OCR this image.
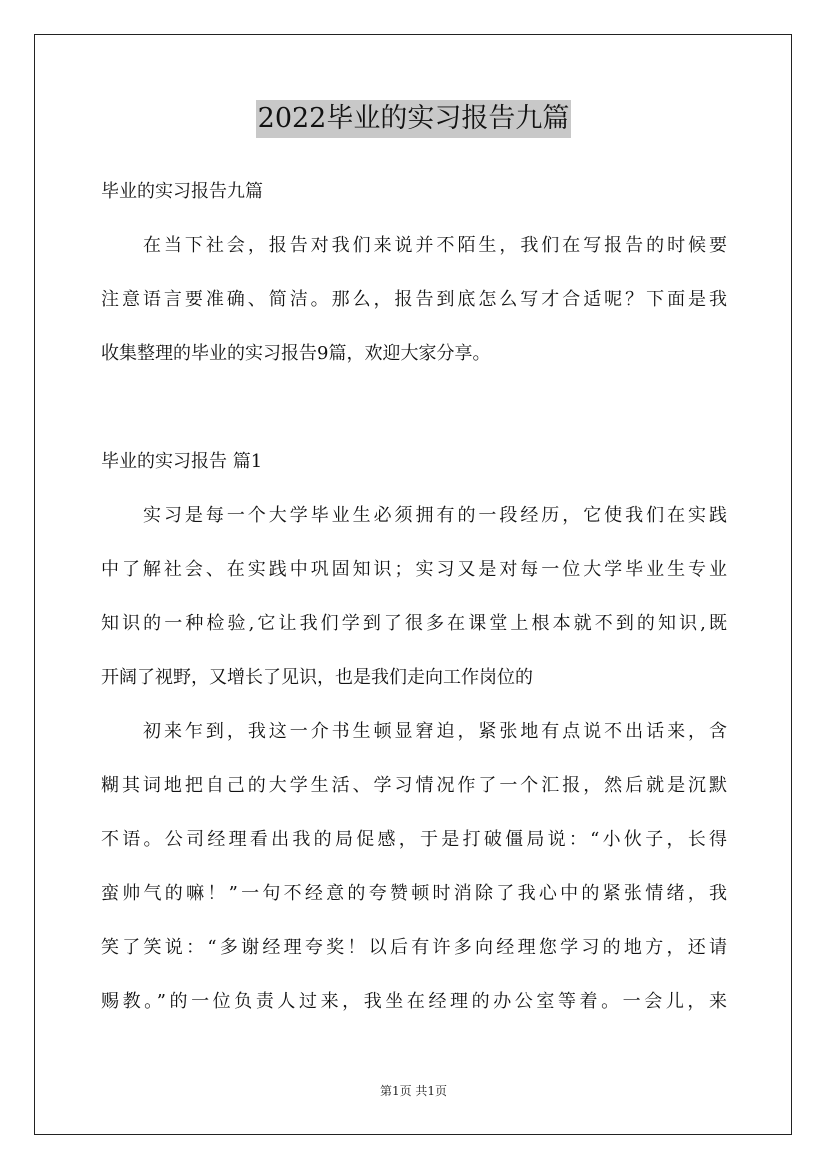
2022毕业的实习报告九篇

毕业的实习报告九篇

在当下社会，报告对我们来说并不陌生，我们在写报告的时候要

注意语言要准确、简洁。那么，报告到底怎么写才合适呢？下面是我

收集整理的毕业的实习报告9篇，欢迎大家分享。

毕业的实习报告 篇1

实习是每一个大学毕业生必须拥有的一段经历，它使我们在实践

中了解社会、在实践中巩固知识；实习又是对每一位大学毕业生专业

知识的一种检验,它让我们学到了很多在课堂上根本就不到的知识,既

开阔了视野，又增长了见识，也是我们走向工作岗位的

初来乍到，我这一介书生顿显窘迫，紧张地有点说不出话来，含

糊其词地把自己的大学生活、学习情况作了一个汇报，然后就是沉默

不语。公司经理看出我的局促感，于是打破僵局说：“小伙子，长得

蛮帅气的嘛！”一句不经意的夸赞顿时消除了我心中的紧张情绪，我

笑了笑说：“多谢经理夸奖！以后有许多向经理您学习的地方，还请

赐教。”的一位负责人过来，我坐在经理的办公室等着。一会儿，来

第1页 共1页
